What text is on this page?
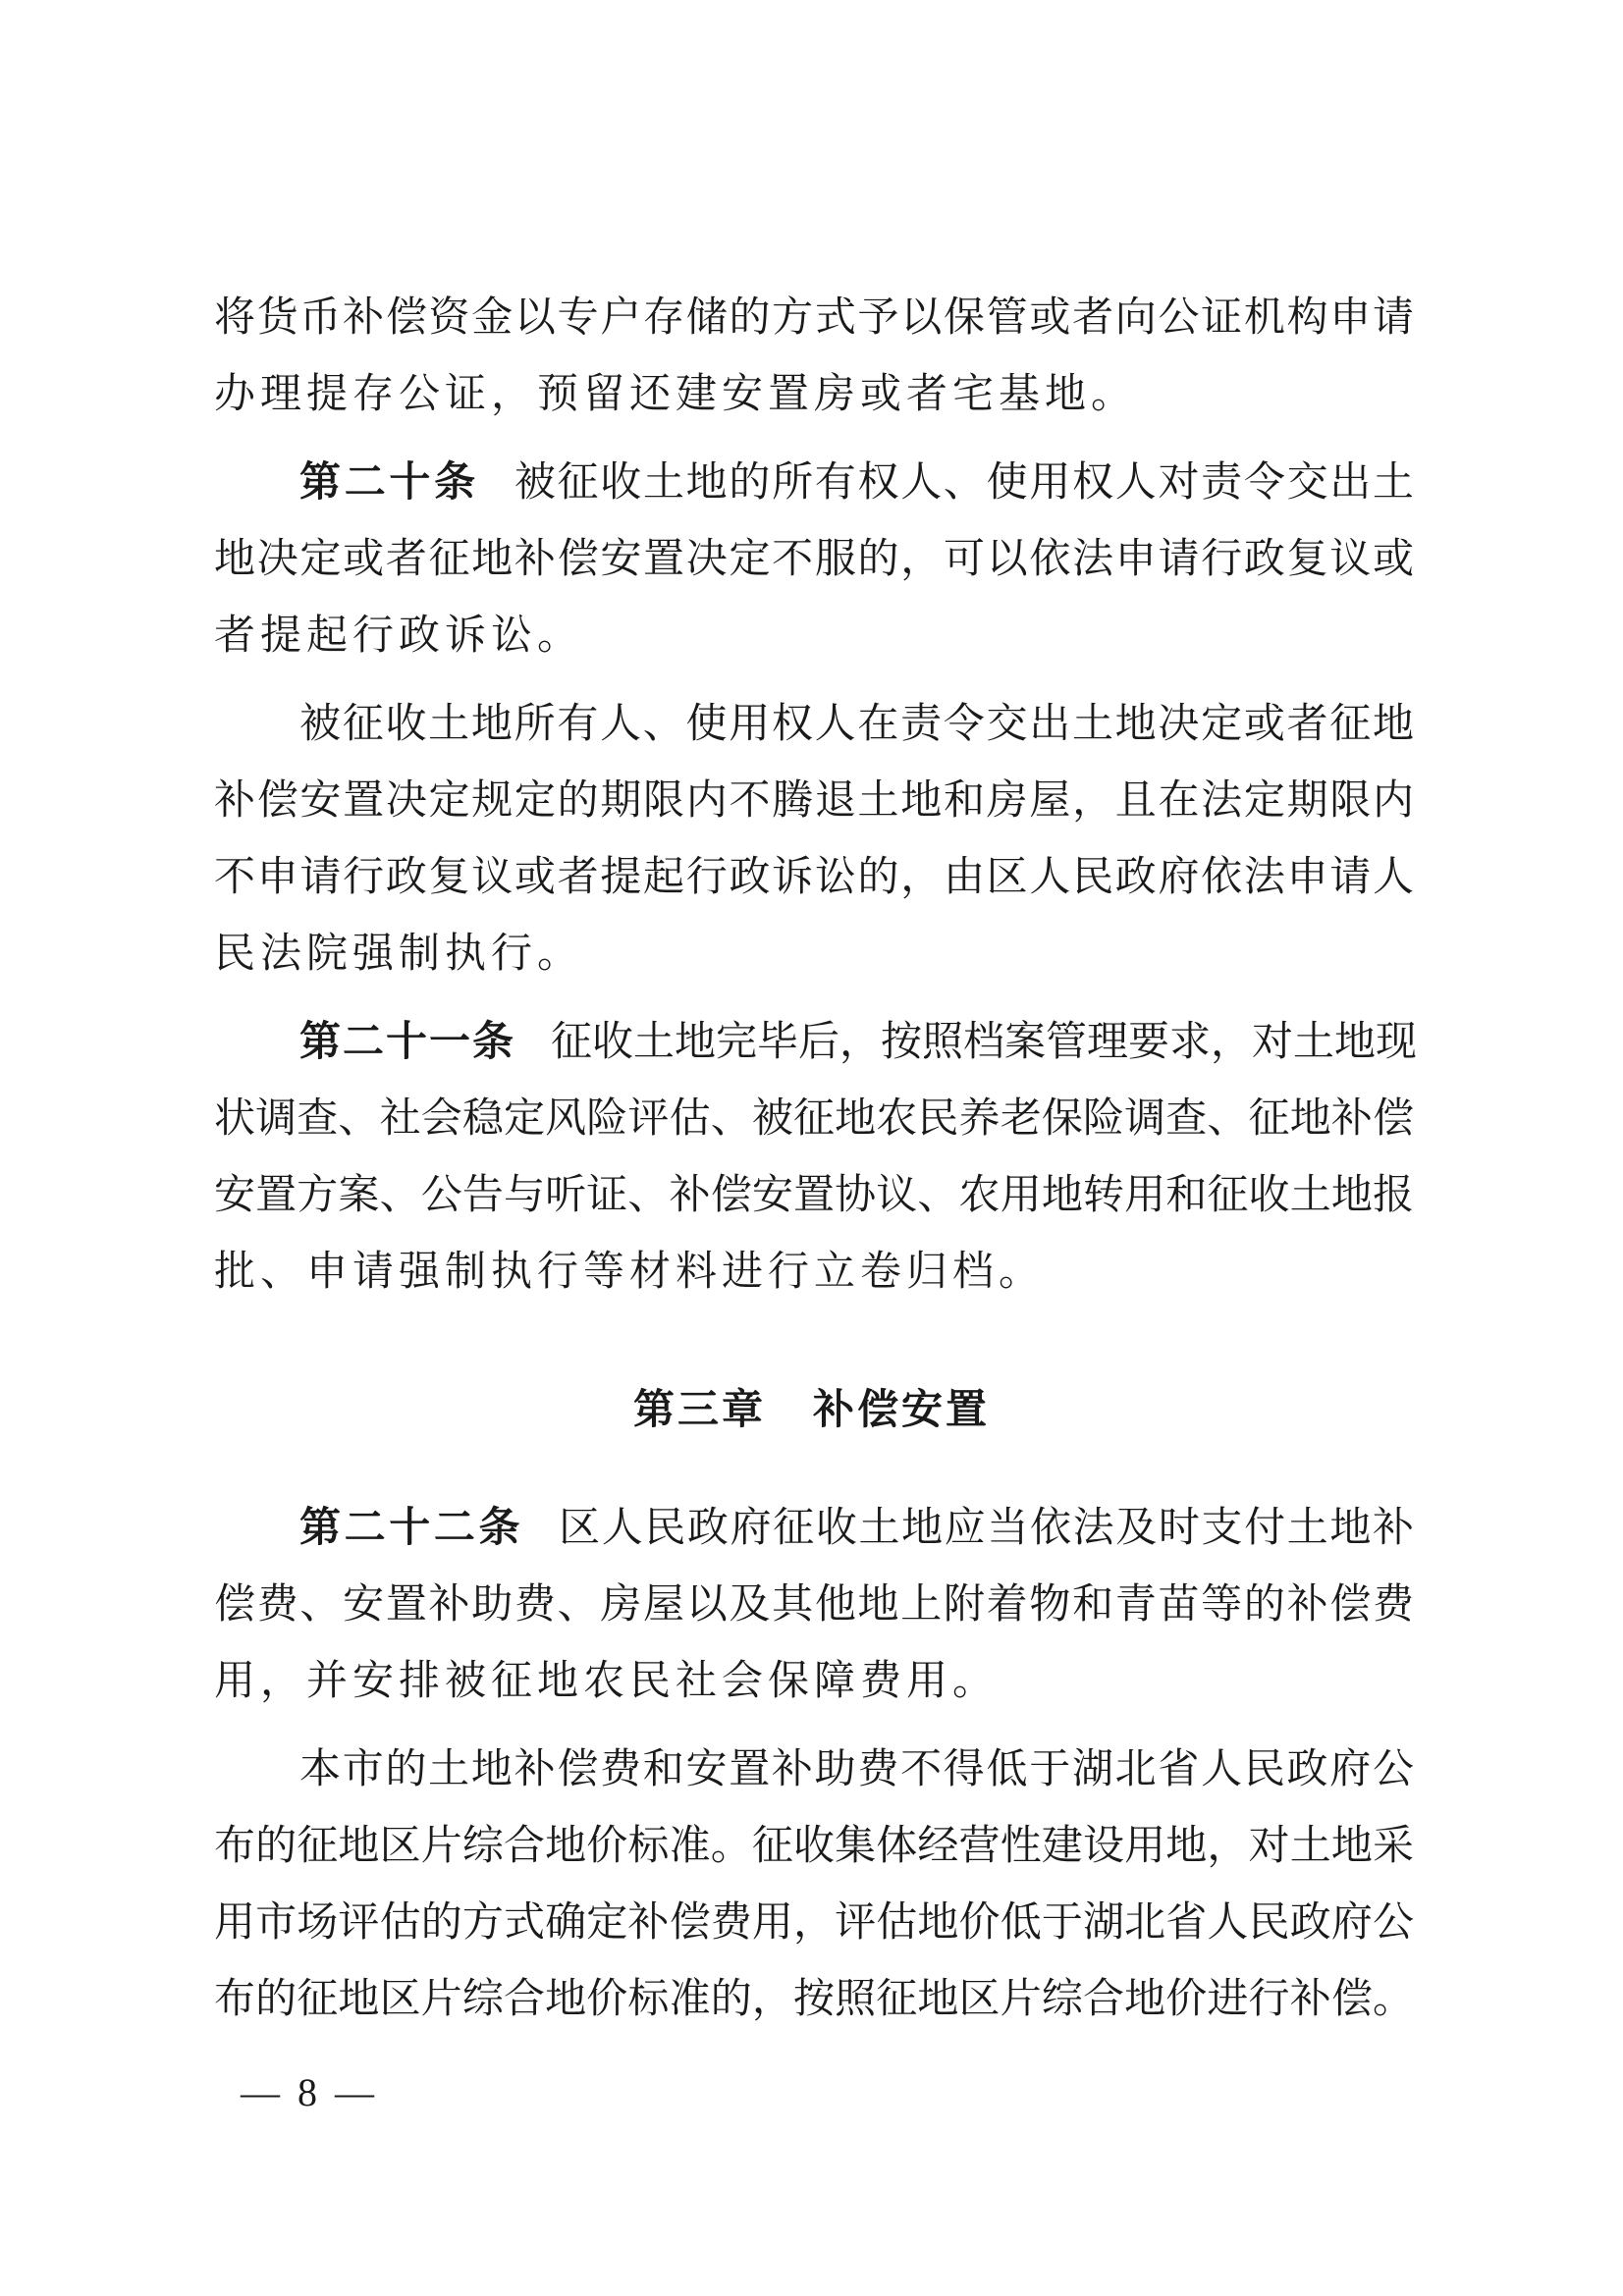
将货币补偿资金以专户存储的方式予以保管或者向公证机构申请
办理提存公证，预留还建安置房或者宅基地。
第二十条 被征收土地的所有权人、使用权人对责令交出土
地决定或者征地补偿安置决定不服的，可以依法申请行政复议或
者提起行政诉讼。
被征收土地所有人、使用权人在责令交出土地决定或者征地
补偿安置决定规定的期限内不腾退土地和房屋，且在法定期限内
不申请行政复议或者提起行政诉讼的，由区人民政府依法申请人
民法院强制执行。
第二十一条 征收土地完毕后，按照档案管理要求，对土地现
状调查、社会稳定风险评估、被征地农民养老保险调查、征地补偿
安置方案、公告与听证、补偿安置协议、农用地转用和征收土地报
批、申请强制执行等材料进行立卷归档。
第三章 补偿安置
第二十二条 区人民政府征收土地应当依法及时支付土地补
偿费、安置补助费、房屋以及其他地上附着物和青苗等的补偿费
用，并安排被征地农民社会保障费用。
本市的土地补偿费和安置补助费不得低于湖北省人民政府公
布的征地区片综合地价标准。征收集体经营性建设用地，对土地采
用市场评估的方式确定补偿费用，评估地价低于湖北省人民政府公
布的征地区片综合地价标准的，按照征地区片综合地价进行补偿。
— 8 —
